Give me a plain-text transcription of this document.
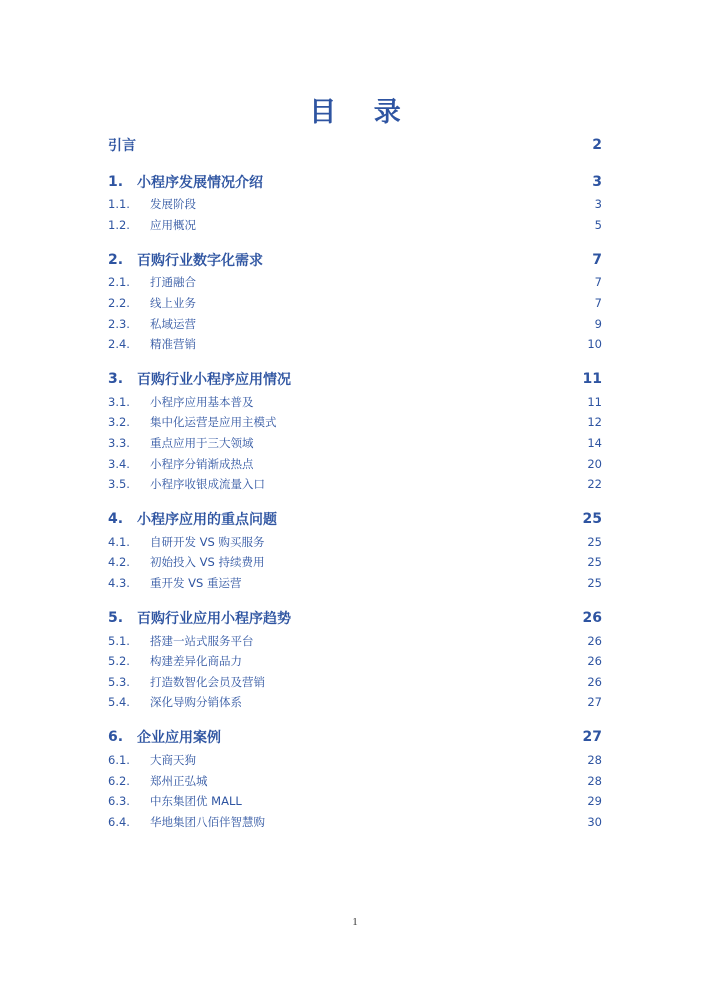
目 录
引言	2
1. 小程序发展情况介绍	3
1.1.	发展阶段	3
1.2.	应用概况	5
2. 百购行业数字化需求	7
2.1.	打通融合	7
2.2.	线上业务	7
2.3.	私域运营	9
2.4.	精准营销	10
3. 百购行业小程序应用情况	11
3.1.	小程序应用基本普及	11
3.2.	集中化运营是应用主模式	12
3.3.	重点应用于三大领域	14
3.4.	小程序分销渐成热点	20
3.5.	小程序收银成流量入口	22
4. 小程序应用的重点问题	25
4.1.	自研开发 VS 购买服务	25
4.2.	初始投入 VS 持续费用	25
4.3.	重开发 VS 重运营	25
5. 百购行业应用小程序趋势	26
5.1.	搭建一站式服务平台	26
5.2.	构建差异化商品力	26
5.3.	打造数智化会员及营销	26
5.4.	深化导购分销体系	27
6. 企业应用案例	27
6.1.	大商天狗	28
6.2.	郑州正弘城	28
6.3.	中东集团优 MALL	29
6.4.	华地集团八佰伴智慧购	30
1
